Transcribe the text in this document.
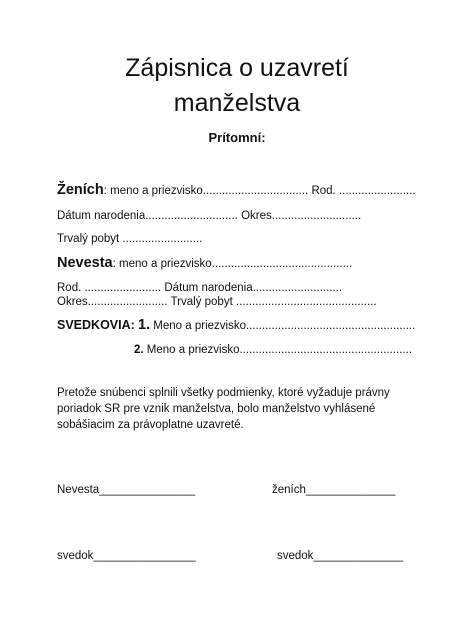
Zápisnica o uzavretí
manželstva
Prítomní:
Ženích: meno a priezvisko................................. Rod. ........................
Dátum narodenia............................. Okres............................
Trvalý pobyt .........................
Nevesta: meno a priezvisko............................................
Rod. ........................ Dátum narodenia............................
Okres......................... Trvalý pobyt ............................................
SVEDKOVIA: 1. Meno a priezvisko.....................................................
2. Meno a priezvisko......................................................
Pretože snúbenci splnili všetky podmienky, ktoré vyžaduje právny poriadok SR pre vznik manželstva, bolo manželstvo vyhlásené sobášiacim za právoplatne uzavreté.
Nevesta_______________	ženích______________
svedok________________	svedok______________
